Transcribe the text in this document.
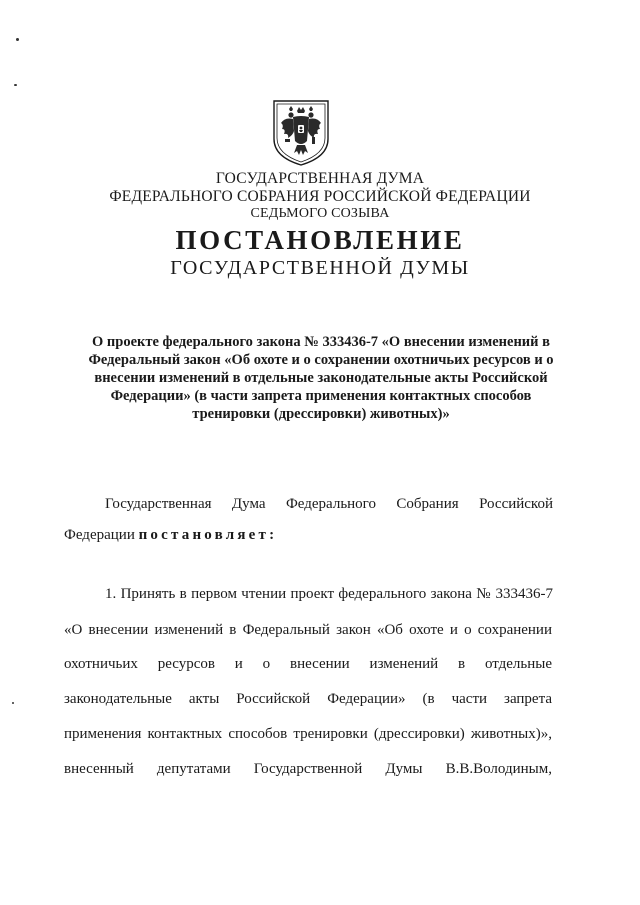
ГОСУДАРСТВЕННАЯ ДУМА
ФЕДЕРАЛЬНОГО СОБРАНИЯ РОССИЙСКОЙ ФЕДЕРАЦИИ
СЕДЬМОГО СОЗЫВА
ПОСТАНОВЛЕНИЕ
ГОСУДАРСТВЕННОЙ ДУМЫ
О проекте федерального закона № 333436-7 «О внесении изменений в
Федеральный закон «Об охоте и о сохранении охотничьих ресурсов и о
внесении изменений в отдельные законодательные акты Российской
Федерации» (в части запрета применения контактных способов
тренировки (дрессировки) животных)»
Государственная Дума Федерального Собрания Российской
Федерации постановляет:
1. Принять в первом чтении проект федерального закона № 333436-7
«О внесении изменений в Федеральный закон «Об охоте и о сохранении
охотничьих ресурсов и о внесении изменений в отдельные
законодательные акты Российской Федерации» (в части запрета
применения контактных способов тренировки (дрессировки) животных)»,
внесенный депутатами Государственной Думы В.В.Володиным,
